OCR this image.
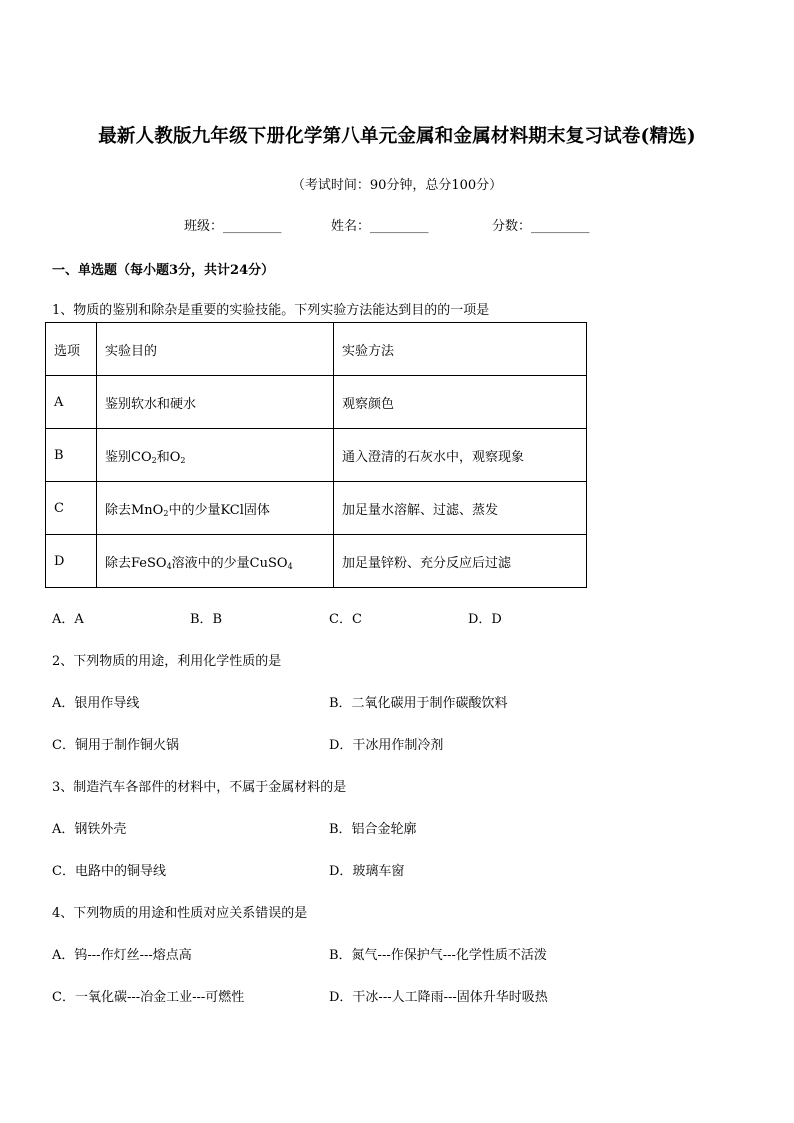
最新人教版九年级下册化学第八单元金属和金属材料期末复习试卷(精选)
（考试时间：90分钟，总分100分）
班级：_________	姓名：_________	分数：_________
一、单选题（每小题3分，共计24分）
1、物质的鉴别和除杂是重要的实验技能。下列实验方法能达到目的的一项是
选项	实验目的	实验方法
A	鉴别软水和硬水	观察颜色
B	鉴别$CO_2$和$O_2$	通入澄清的石灰水中，观察现象
C	除去MnO$_2$中的少量KCl固体	加足量水溶解、过滤、蒸发
D	除去FeSO$_4$溶液中的少量CuSO$_4$	加足量锌粉、充分反应后过滤
A．A	B．B	C．C	D．D
2、下列物质的用途，利用化学性质的是
A．银用作导线	B．二氧化碳用于制作碳酸饮料
C．铜用于制作铜火锅	D．干冰用作制冷剂
3、制造汽车各部件的材料中，不属于金属材料的是
A．钢铁外壳	B．铝合金轮廓
C．电路中的铜导线	D．玻璃车窗
4、下列物质的用途和性质对应关系错误的是
A．钨---作灯丝---熔点高	B．氮气---作保护气---化学性质不活泼
C．一氧化碳---冶金工业---可燃性	D．干冰---人工降雨---固体升华时吸热
